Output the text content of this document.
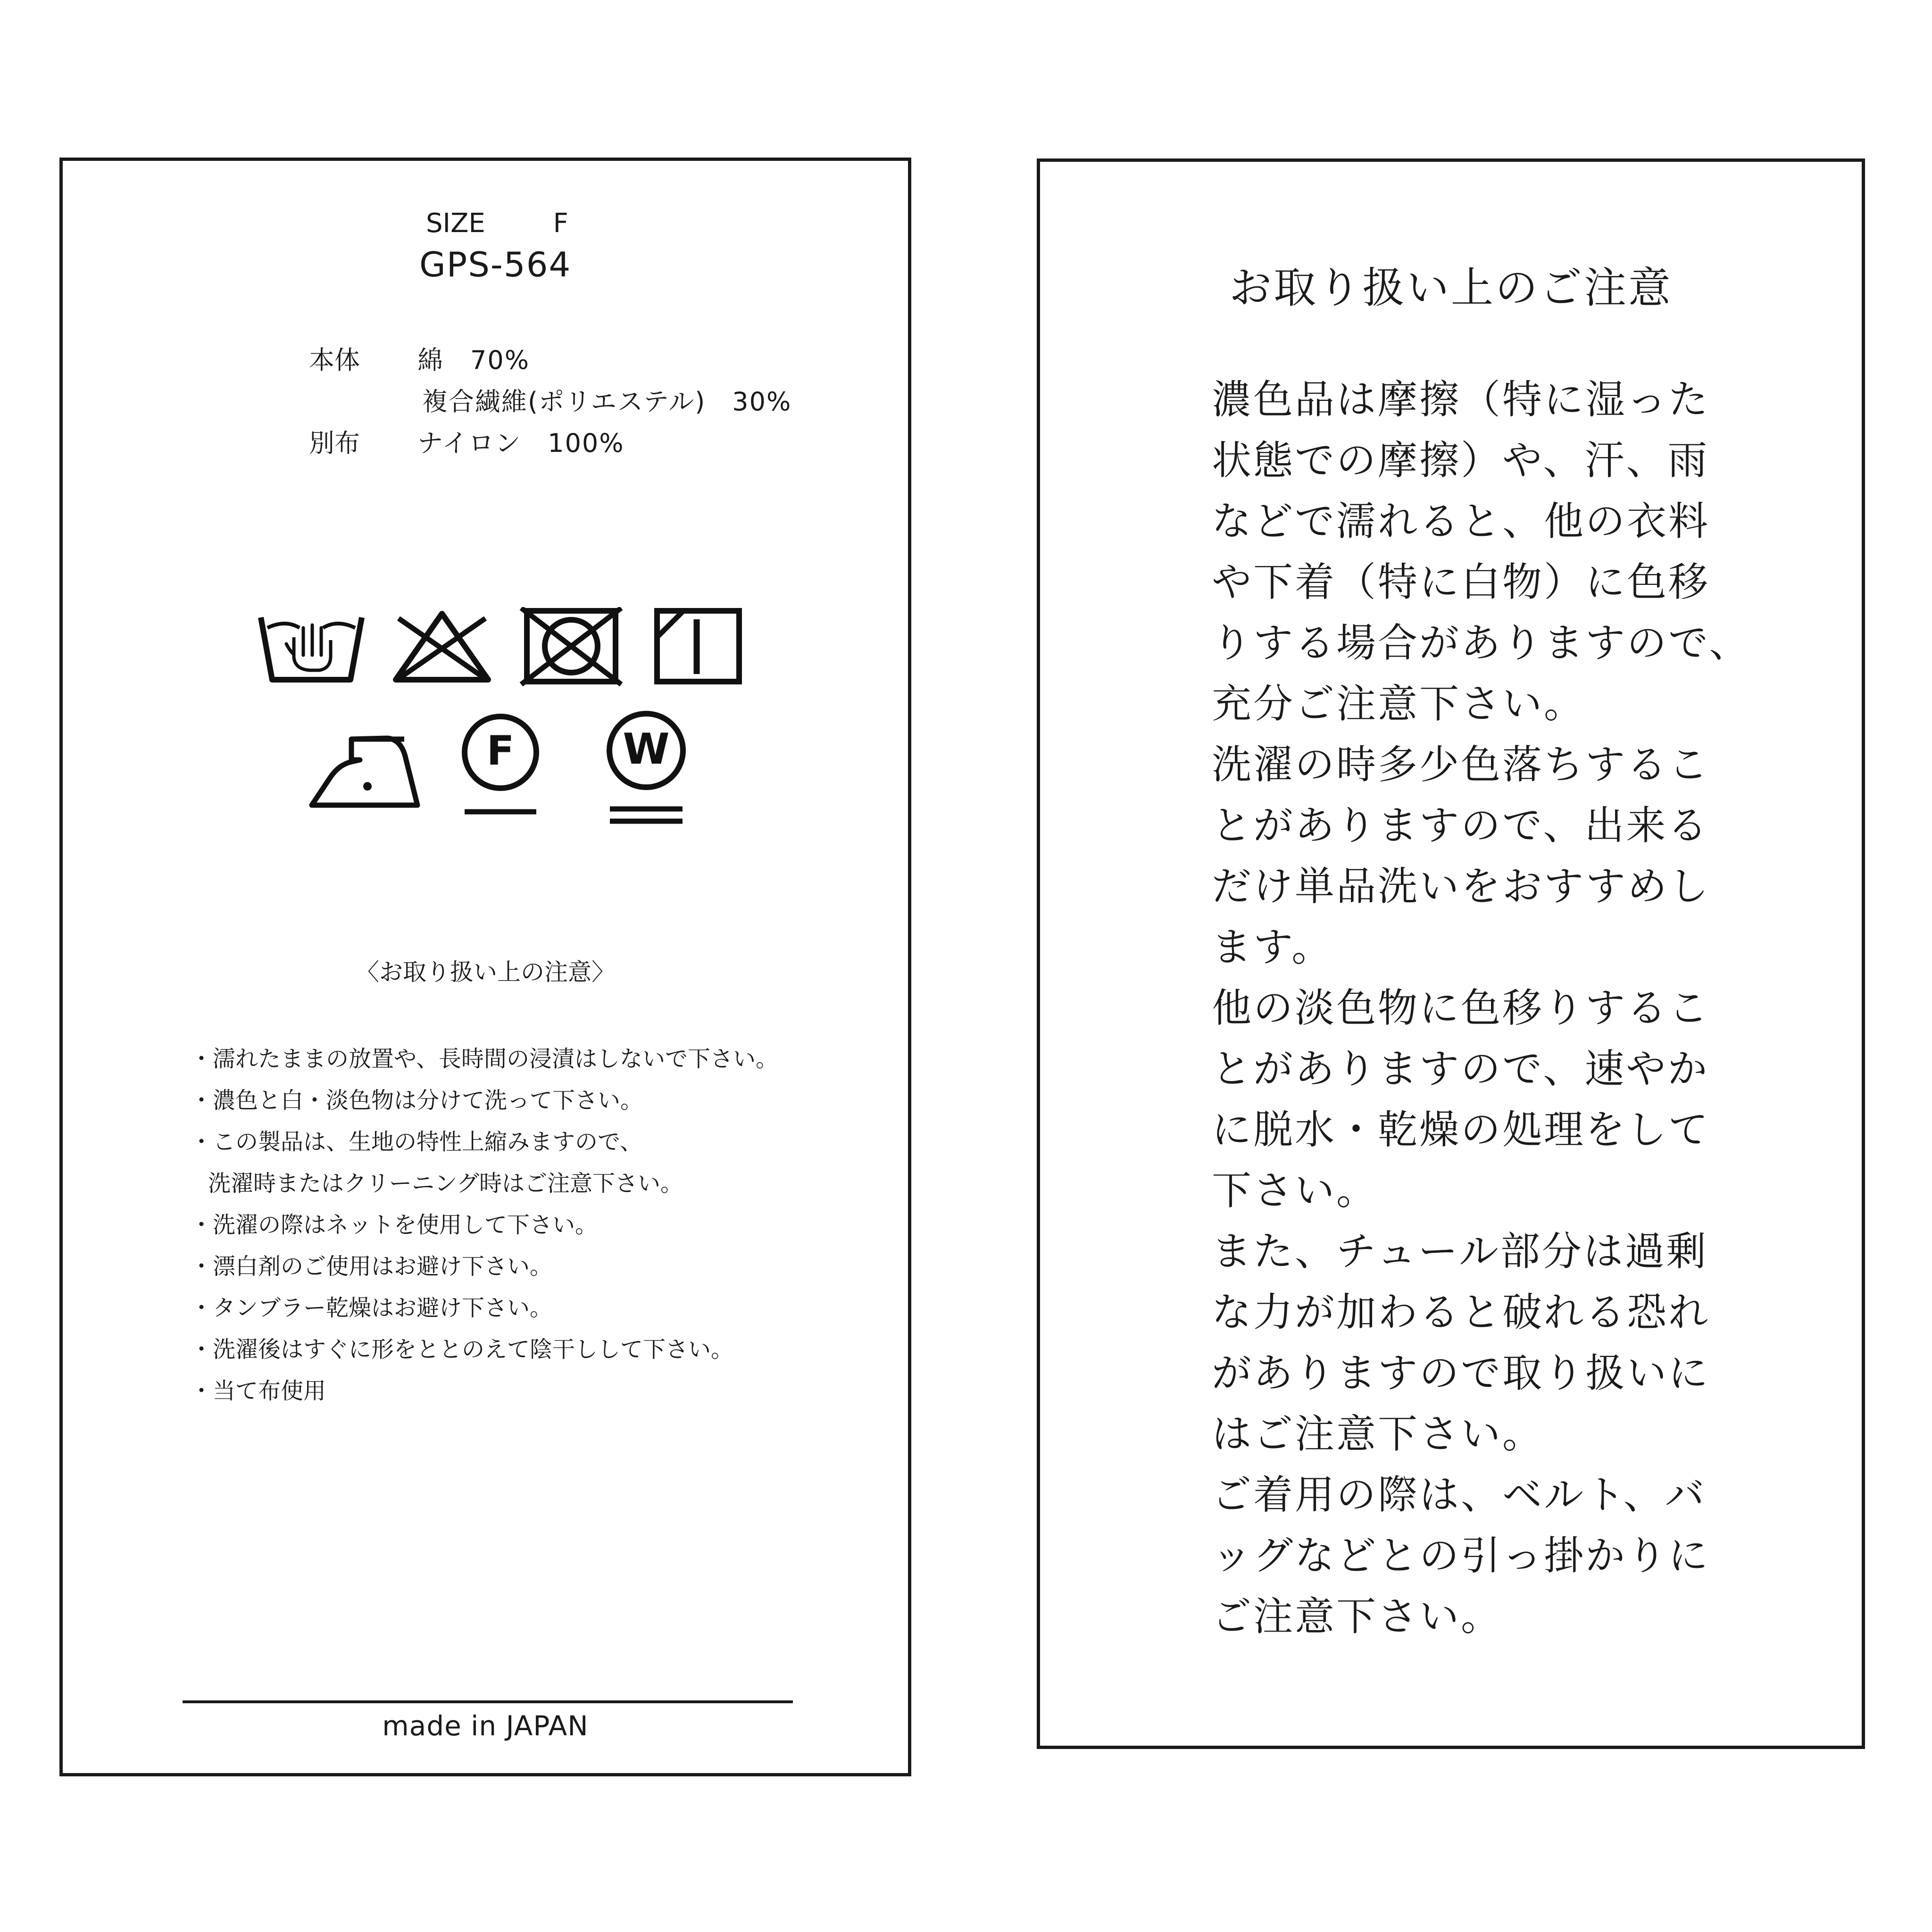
SIZE	F
GPS-564
本体 綿　70%
複合繊維(ポリエステル)　30%
別布 ナイロン　100%
F	W
〈お取り扱い上の注意〉
・濡れたままの放置や、長時間の浸漬はしないで下さい。
・濃色と白・淡色物は分けて洗って下さい。
・この製品は、生地の特性上縮みますので、
洗濯時またはクリーニング時はご注意下さい。
・洗濯の際はネットを使用して下さい。
・漂白剤のご使用はお避け下さい。
・タンブラー乾燥はお避け下さい。
・洗濯後はすぐに形をととのえて陰干しして下さい。
・当て布使用
made in JAPAN
お取り扱い上のご注意
濃色品は摩擦（特に湿った
状態での摩擦）や、汗、雨
などで濡れると、他の衣料
や下着（特に白物）に色移
りする場合がありますので、
充分ご注意下さい。
洗濯の時多少色落ちするこ
とがありますので、出来る
だけ単品洗いをおすすめし
ます。
他の淡色物に色移りするこ
とがありますので、速やか
に脱水・乾燥の処理をして
下さい。
また、チュール部分は過剰
な力が加わると破れる恐れ
がありますので取り扱いに
はご注意下さい。
ご着用の際は、ベルト、バ
ッグなどとの引っ掛かりに
ご注意下さい。
